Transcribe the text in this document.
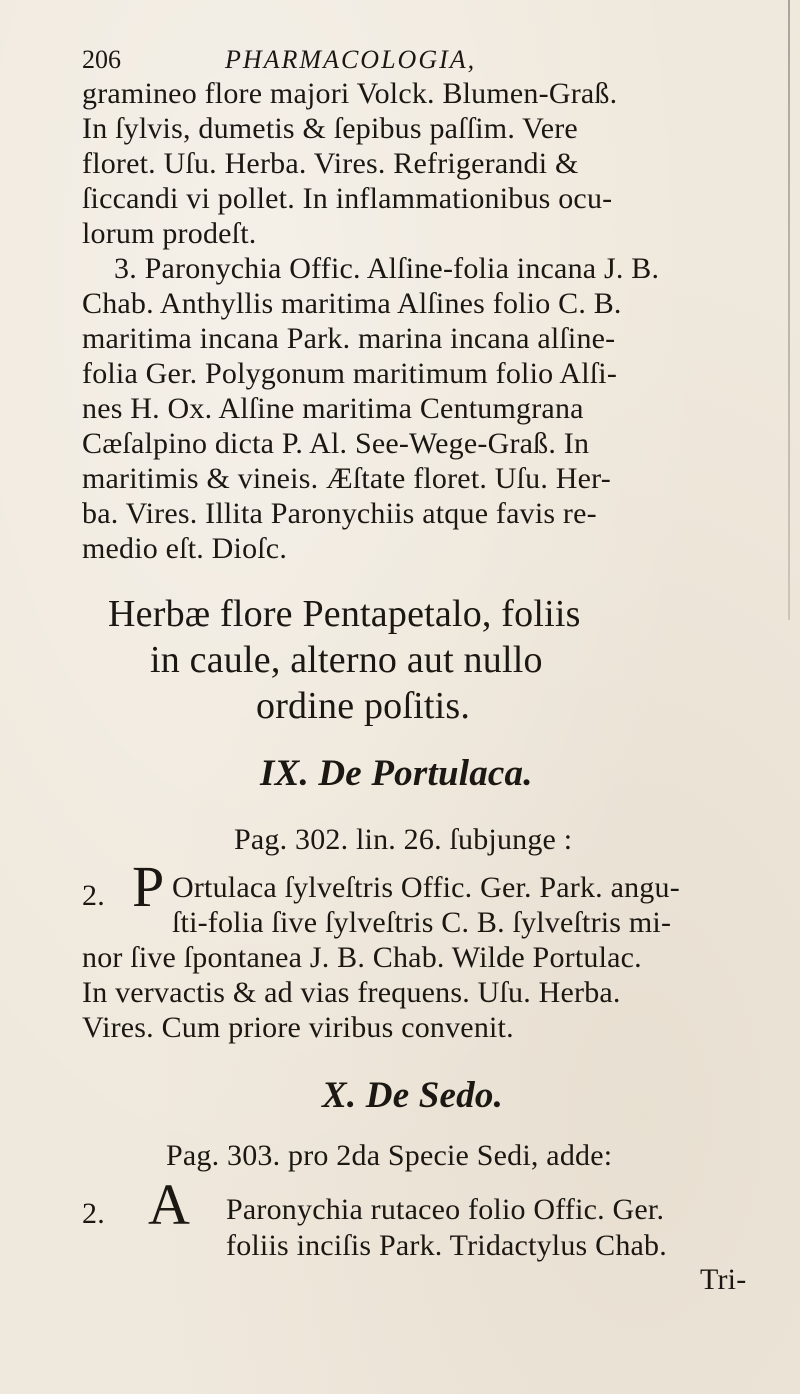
206	PHARMACOLOGIA,
gramineo flore majori Volck. Blumen-Graß.
In ſylvis, dumetis & ſepibus paſſim. Vere
floret. Uſu. Herba. Vires. Refrigerandi &
ſiccandi vi pollet. In inflammationibus ocu-
lorum prodeſt.
3. Paronychia Offic. Alſine-folia incana J. B.
Chab. Anthyllis maritima Alſines folio C. B.
maritima incana Park. marina incana alſine-
folia Ger. Polygonum maritimum folio Alſi-
nes H. Ox. Alſine maritima Centumgrana
Cæſalpino dicta P. Al. See-Wege-Graß. In
maritimis & vineis. Æſtate floret. Uſu. Her-
ba. Vires. Illita Paronychiis atque favis re-
medio eſt. Dioſc.
Herbæ flore Pentapetalo, foliis
in caule, alterno aut nullo
ordine poſitis.
IX. De Portulaca.
Pag. 302. lin. 26. ſubjunge :
2. P Ortulaca ſylveſtris Offic. Ger. Park. angu-
ſti-folia ſive ſylveſtris C. B. ſylveſtris mi-
nor ſive ſpontanea J. B. Chab. Wilde Portulac.
In vervactis & ad vias frequens. Uſu. Herba.
Vires. Cum priore viribus convenit.
X. De Sedo.
Pag. 303. pro 2da Specie Sedi, adde:
2. A Paronychia rutaceo folio Offic. Ger.
foliis inciſis Park. Tridactylus Chab.
Tri-
